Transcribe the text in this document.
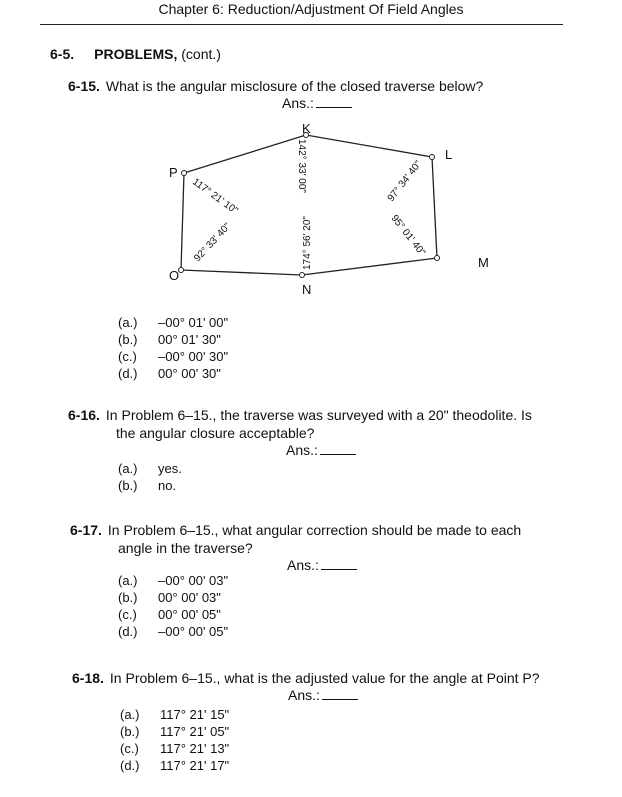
Chapter 6: Reduction/Adjustment Of Field Angles
6-5. PROBLEMS, (cont.)
6-15. What is the angular misclosure of the closed traverse below?
Ans.:
P
K
L
M
N
O
117° 21' 10"
92° 33' 40"
142° 33' 00"
174° 56' 20"
97° 34' 40"
95° 01' 40"
(a.) –00° 01' 00"
(b.) 00° 01' 30"
(c.) –00° 00' 30"
(d.) 00° 00' 30"
6-16. In Problem 6–15., the traverse was surveyed with a 20" theodolite. Is
the angular closure acceptable?
Ans.:
(a.) yes.
(b.) no.
6-17. In Problem 6–15., what angular correction should be made to each
angle in the traverse?
Ans.:
(a.) –00° 00' 03"
(b.) 00° 00' 03"
(c.) 00° 00' 05"
(d.) –00° 00' 05"
6-18. In Problem 6–15., what is the adjusted value for the angle at Point P?
Ans.:
(a.) 117° 21' 15"
(b.) 117° 21' 05"
(c.) 117° 21' 13"
(d.) 117° 21' 17"
